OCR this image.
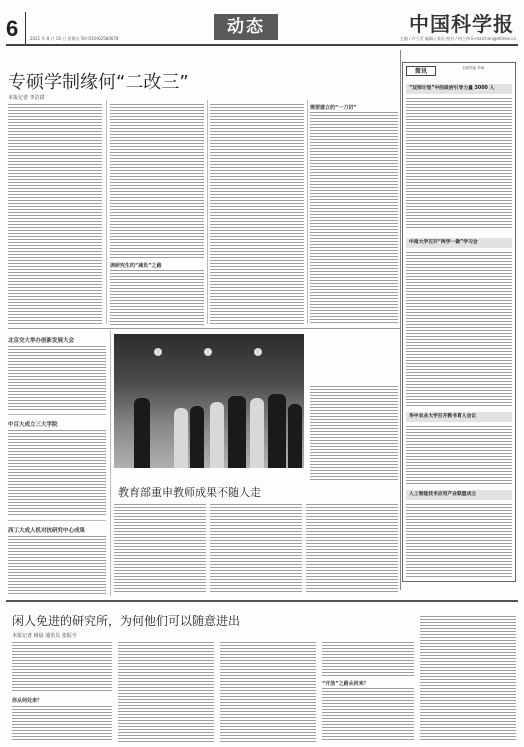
6	2021 年 8 月 16 日 星期五 Tel:(010)62580678
动态	中国科学报
主编 / 许立茗 编辑 / 张岩 校对 / 何工伟 E-mail:hnn@stimes.cn
专硕学制缘何“二改三”
本报记者 李洁尉
读研究生的“减负”之路
需要建立的“一刀切”
北京交大举办创新发展大会
中百大成立三大学院
西工大成人机对抗研究中心成果
教育部重申教师成果不随人走
简讯	本版责编 李雨
“双师计划”中的政府引导力量 3000 人
中南大学召开“两学一做”学习会
华中农业大学召开教书育人会议
人工智能技术应用产业联盟成立
闲人免进的研究所，为何他们可以随意进出
本报记者 杨晨 通讯员 张振宇
你从何处来？
“开放”之路从何来？
